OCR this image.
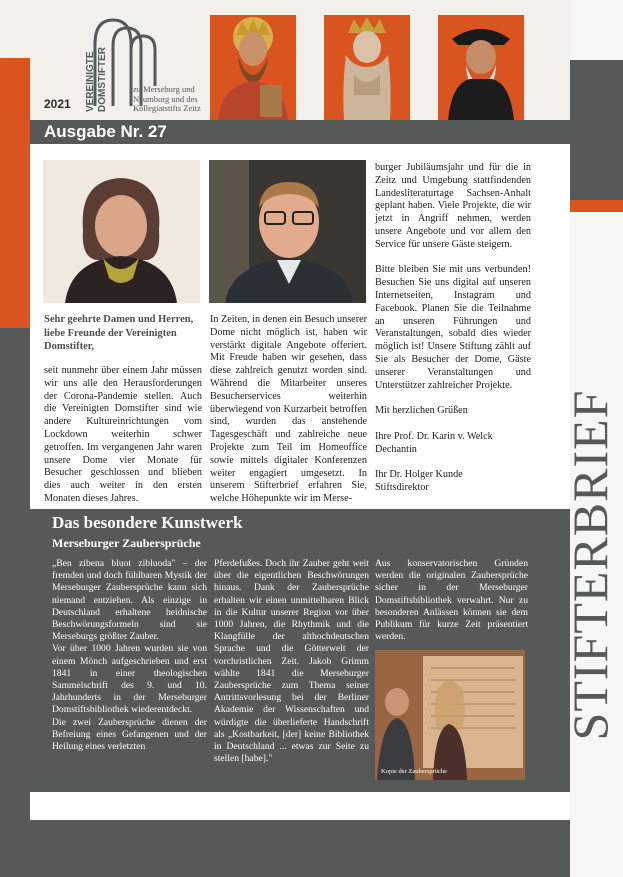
2021 VEREINIGTE DOMSTIFTER	zu Merseburg und
Naumburg und des
Kollegiatstifts Zeitz
Ausgabe Nr. 27
Sehr geehrte Damen und Herren, liebe Freunde der Vereinigten Domstifter,
seit nunmehr über einem Jahr müssen wir uns alle den Herausforderungen der Corona-Pandemie stellen. Auch die Vereinigten Domstifter sind wie andere Kultureinrichtungen vom Lockdown weiterhin schwer getroffen. Im vergangenen Jahr waren unsere Dome vier Monate für Besucher geschlossen und blieben dies auch weiter in den ersten Monaten dieses Jahres.
In Zeiten, in denen ein Besuch unserer Dome nicht möglich ist, haben wir verstärkt digitale Angebote offeriert. Mit Freude haben wir gesehen, dass diese zahlreich genutzt worden sind. Während die Mitarbeiter unseres Besucherservices weiterhin überwiegend von Kurzarbeit betroffen sind, wurden das anstehende Tagesgeschäft und zahlreiche neue Projekte zum Teil im Homeoffice sowie mittels digitaler Konferenzen weiter engagiert umgesetzt. In unserem Stifterbrief erfahren Sie, welche Höhepunkte wir im Merse-

burger Jubiläumsjahr und für die in Zeitz und Umgebung stattfindenden Landesliteraturtage Sachsen-Anhalt geplant haben. Viele Projekte, die wir jetzt in Angriff nehmen, werden unsere Angebote und vor allem den Service für unsere Gäste steigern.

Bitte bleiben Sie mit uns verbunden! Besuchen Sie uns digital auf unseren Internetseiten, Instagram und Facebook. Planen Sie die Teilnahme an unseren Führungen und Veranstaltungen, sobald dies wieder möglich ist! Unsere Stiftung zählt auf Sie als Besucher der Dome, Gäste unserer Veranstaltungen und Unterstützer zahlreicher Projekte.

Mit herzlichen Grüßen

Ihre Prof. Dr. Karin v. Welck
Dechantin

Ihr Dr. Holger Kunde
Stiftsdirektor	STIFTERBRIEF
Das besondere Kunstwerk
Merseburger Zaubersprüche
„Ben zibena bluot zibluoda" – der fremden und doch fühlbaren Mystik der Merseburger Zaubersprüche kann sich niemand entziehen. Als einzige in Deutschland erhaltene heidnische Beschwörungsformeln sind sie Merseburgs größter Zauber.
Vor über 1000 Jahren wurden sie von einem Mönch aufgeschrieben und erst 1841 in einer theologischen Sammelschrift des 9. und 10. Jahrhunderts in der Merseburger Domstiftsbibliothek wiederentdeckt.
Die zwei Zaubersprüche dienen der Befreiung eines Gefangenen und der Heilung eines verletzten
Pferdefußes. Doch ihr Zauber geht weit über die eigentlichen Beschwörungen hinaus. Dank der Zaubersprüche erhalten wir einen unmittelbaren Blick in die Kultur unserer Region vor über 1000 Jahren, die Rhythmik und die Klangfülle der althochdeutschen Sprache und die Götterwelt der vorchristlichen Zeit. Jakob Grimm wählte 1841 die Merseburger Zaubersprüche zum Thema seiner Antrittsvorlesung bei der Berliner Akademie der Wissenschaften und würdigte die überlieferte Handschrift als „Kostbarkeit, [der] keine Bibliothek in Deutschland ... etwas zur Seite zu stellen [habe]."
Aus konservatorischen Gründen werden die originalen Zaubersprüche sicher in der Merseburger Domstiftsbibliothek verwahrt. Nur zu besonderen Anlässen können sie dem Publikum für kurze Zeit präsentiert werden.
Kopie der Zaubersprüche
